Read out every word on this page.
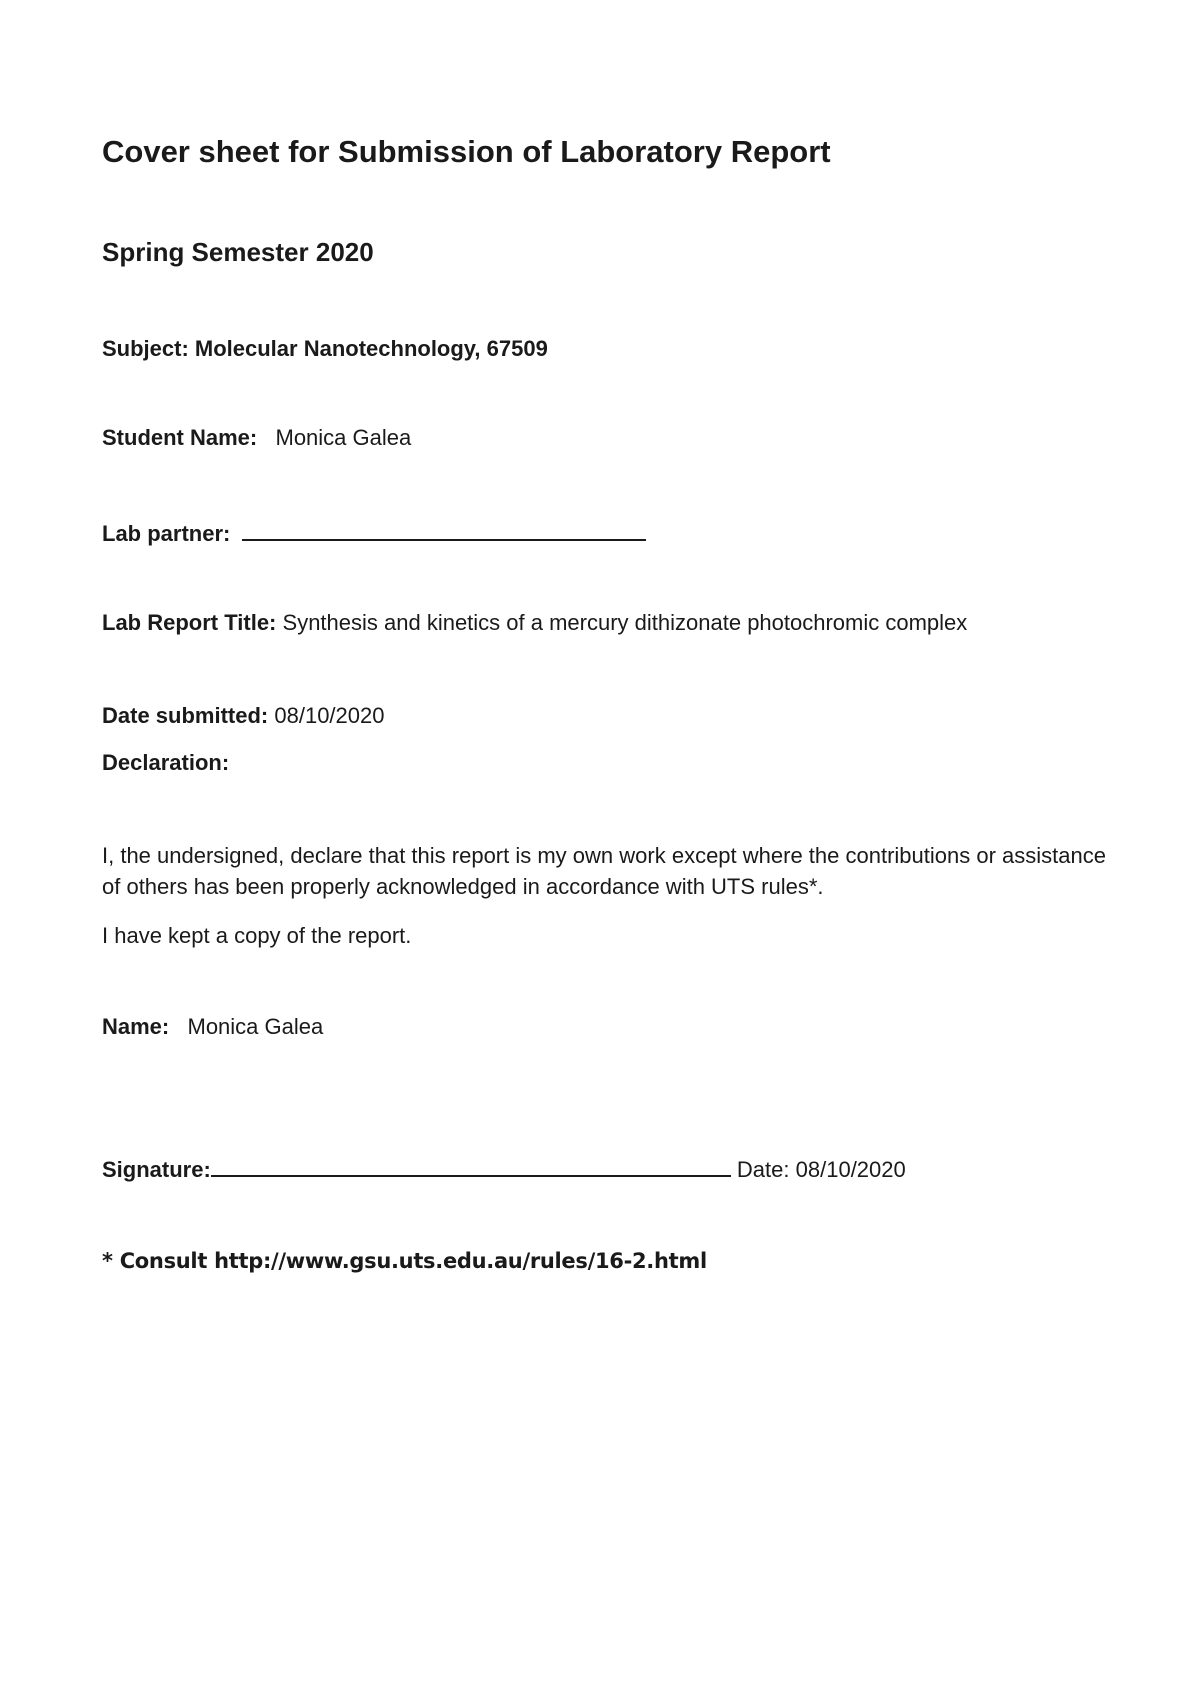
Cover sheet for Submission of Laboratory Report
Spring Semester 2020
Subject: Molecular Nanotechnology, 67509
Student Name: Monica Galea
Lab partner:
Lab Report Title: Synthesis and kinetics of a mercury dithizonate photochromic complex
Date submitted: 08/10/2020
Declaration:
I, the undersigned, declare that this report is my own work except where the contributions or assistance of others has been properly acknowledged in accordance with UTS rules*.
I have kept a copy of the report.
Name: Monica Galea
Signature:	Date: 08/10/2020
* Consult http://www.gsu.uts.edu.au/rules/16-2.html
